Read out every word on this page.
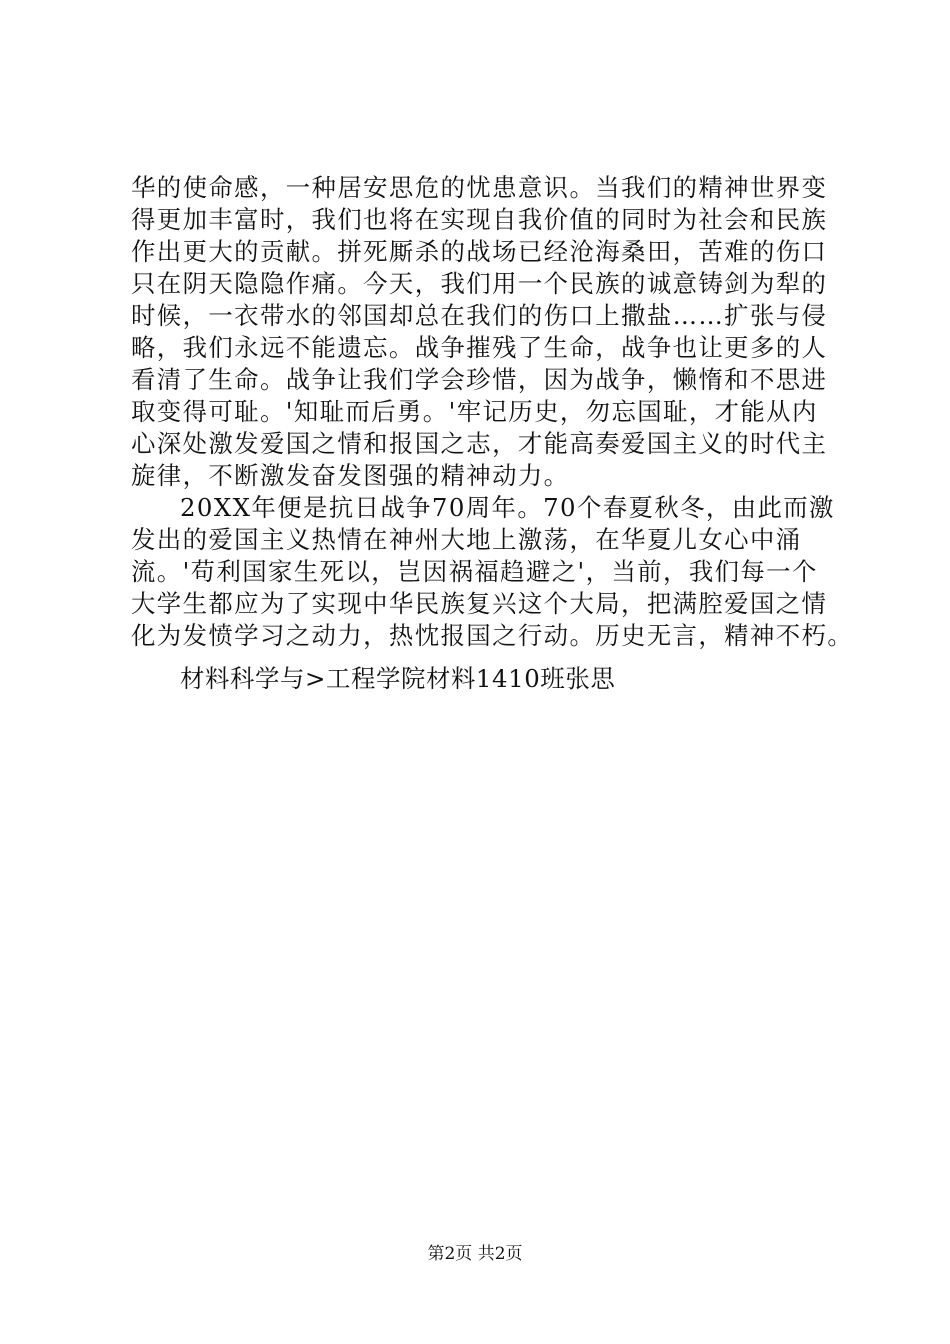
华的使命感，一种居安思危的忧患意识。当我们的精神世界变
得更加丰富时，我们也将在实现自我价值的同时为社会和民族
作出更大的贡献。拼死厮杀的战场已经沧海桑田，苦难的伤口
只在阴天隐隐作痛。今天，我们用一个民族的诚意铸剑为犁的
时候，一衣带水的邻国却总在我们的伤口上撒盐……扩张与侵
略，我们永远不能遗忘。战争摧残了生命，战争也让更多的人
看清了生命。战争让我们学会珍惜，因为战争，懒惰和不思进
取变得可耻。'知耻而后勇。'牢记历史，勿忘国耻，才能从内
心深处激发爱国之情和报国之志，才能高奏爱国主义的时代主
旋律，不断激发奋发图强的精神动力。
20XX年便是抗日战争70周年。70个春夏秋冬，由此而激
发出的爱国主义热情在神州大地上激荡，在华夏儿女心中涌
流。'苟利国家生死以，岂因祸福趋避之'，当前，我们每一个
大学生都应为了实现中华民族复兴这个大局，把满腔爱国之情
化为发愤学习之动力，热忱报国之行动。历史无言，精神不朽。
材料科学与>工程学院材料1410班张思
第2页 共2页
